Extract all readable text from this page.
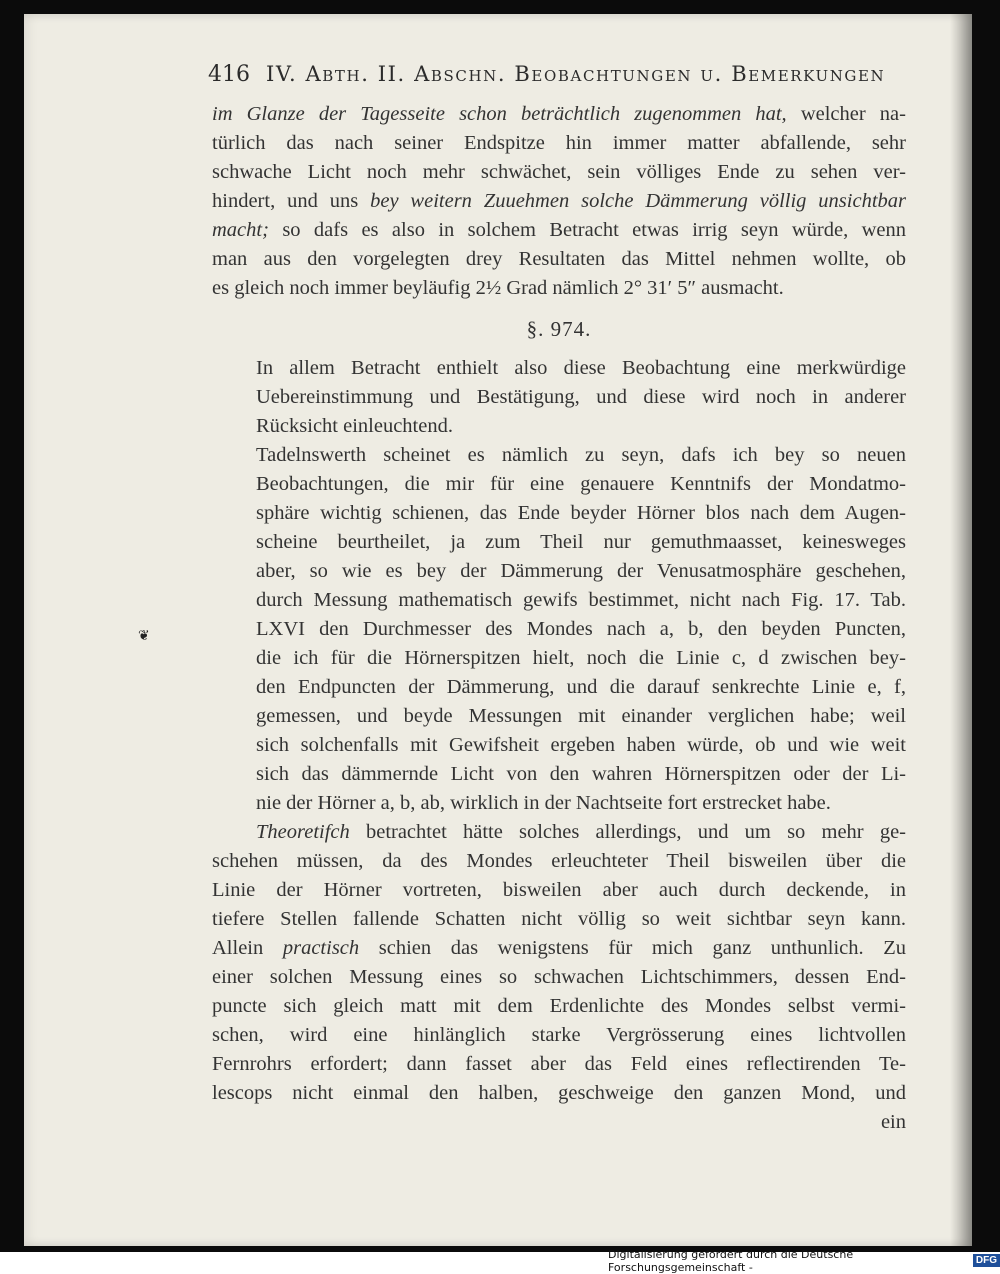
416 IV. Abth. II. Abschn. Beobachtungen u. Bemerkungen
❦

im Glanze der Tagesseite schon beträchtlich zugenommen hat, welcher na-
türlich das nach seiner Endspitze hin immer matter abfallende, sehr
schwache Licht noch mehr schwächet, sein völliges Ende zu sehen ver-
hindert, und uns bey weitern Zuuehmen solche Dämmerung völlig unsichtbar
macht; so dafs es also in solchem Betracht etwas irrig seyn würde, wenn
man aus den vorgelegten drey Resultaten das Mittel nehmen wollte, ob
es gleich noch immer beyläufig 2½ Grad nämlich 2° 31′ 5″ ausmacht.

§. 974.

In allem Betracht enthielt also diese Beobachtung eine merkwürdige
Uebereinstimmung und Bestätigung, und diese wird noch in anderer
Rücksicht einleuchtend.

Tadelnswerth scheinet es nämlich zu seyn, dafs ich bey so neuen
Beobachtungen, die mir für eine genauere Kenntnifs der Mondatmo-
sphäre wichtig schienen, das Ende beyder Hörner blos nach dem Augen-
scheine beurtheilet, ja zum Theil nur gemuthmaasset, keinesweges
aber, so wie es bey der Dämmerung der Venusatmosphäre geschehen,
durch Messung mathematisch gewifs bestimmet, nicht nach Fig. 17. Tab.
LXVI den Durchmesser des Mondes nach a, b, den beyden Puncten,
die ich für die Hörnerspitzen hielt, noch die Linie c, d zwischen bey-
den Endpuncten der Dämmerung, und die darauf senkrechte Linie e, f,
gemessen, und beyde Messungen mit einander verglichen habe; weil
sich solchenfalls mit Gewifsheit ergeben haben würde, ob und wie weit
sich das dämmernde Licht von den wahren Hörnerspitzen oder der Li-
nie der Hörner a, b, ab, wirklich in der Nachtseite fort erstrecket habe.

Theoretifch betrachtet hätte solches allerdings, und um so mehr ge-

schehen müssen, da des Mondes erleuchteter Theil bisweilen über die
Linie der Hörner vortreten, bisweilen aber auch durch deckende, in
tiefere Stellen fallende Schatten nicht völlig so weit sichtbar seyn kann.
Allein practisch schien das wenigstens für mich ganz unthunlich. Zu
einer solchen Messung eines so schwachen Lichtschimmers, dessen End-
puncte sich gleich matt mit dem Erdenlichte des Mondes selbst vermi-
schen, wird eine hinlänglich starke Vergrösserung eines lichtvollen
Fernrohrs erfordert; dann fasset aber das Feld eines reflectirenden Te-
lescops nicht einmal den halben, geschweige den ganzen Mond, und
ein

Digitalisierung gefördert durch die Deutsche Forschungsgemeinschaft -	DFG
